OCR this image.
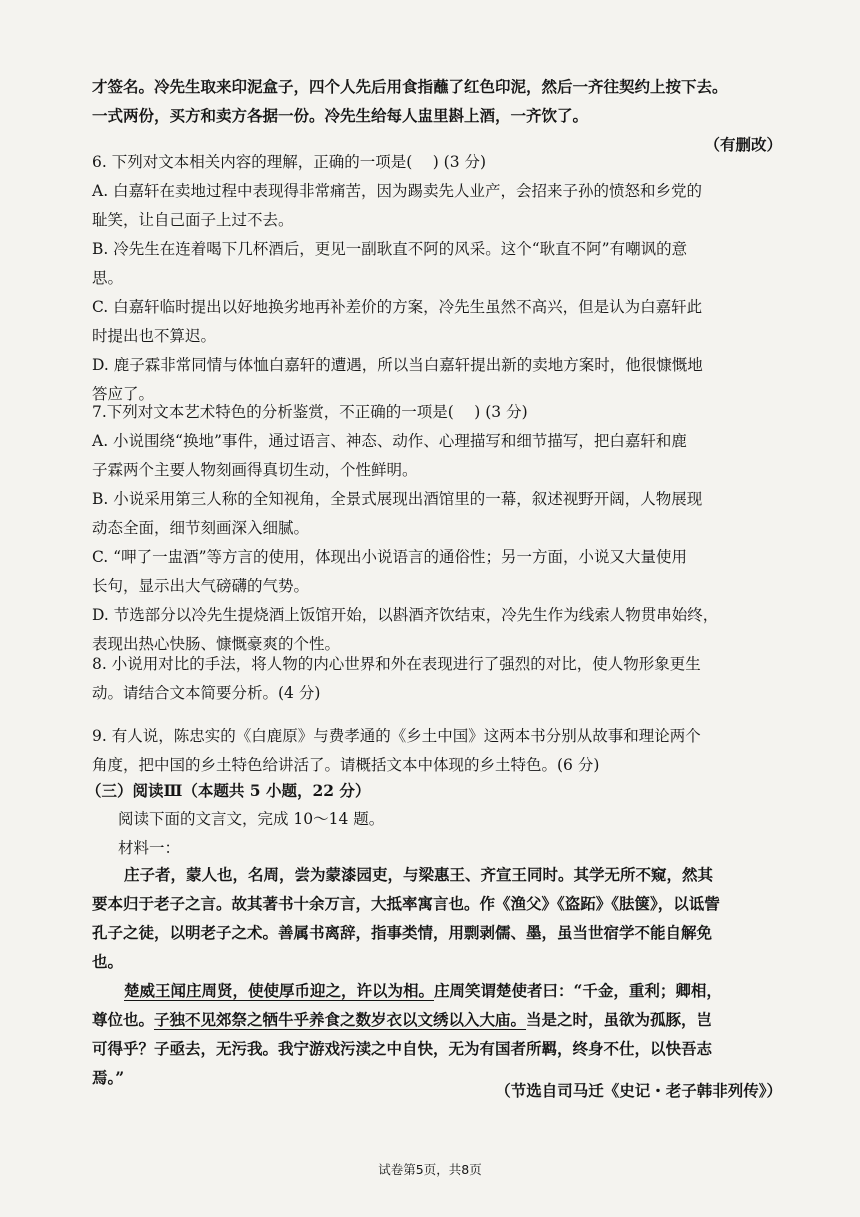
才签名。冷先生取来印泥盒子，四个人先后用食指蘸了红色印泥，然后一齐往契约上按下去。
一式两份，买方和卖方各据一份。冷先生给每人盅里斟上酒，一齐饮了。
（有删改）
6. 下列对文本相关内容的理解，正确的一项是(　 ) (3 分)
A. 白嘉轩在卖地过程中表现得非常痛苦，因为踢卖先人业产，会招来子孙的愤怒和乡党的
耻笑，让自己面子上过不去。
B. 冷先生在连着喝下几杯酒后，更见一副耿直不阿的风采。这个“耿直不阿”有嘲讽的意
思。
C. 白嘉轩临时提出以好地换劣地再补差价的方案，冷先生虽然不高兴，但是认为白嘉轩此
时提出也不算迟。
D. 鹿子霖非常同情与体恤白嘉轩的遭遇，所以当白嘉轩提出新的卖地方案时，他很慷慨地
答应了。
7.下列对文本艺术特色的分析鉴赏，不正确的一项是(　 ) (3 分)
A. 小说围绕“换地”事件，通过语言、神态、动作、心理描写和细节描写，把白嘉轩和鹿
子霖两个主要人物刻画得真切生动，个性鲜明。
B. 小说采用第三人称的全知视角，全景式展现出酒馆里的一幕，叙述视野开阔，人物展现
动态全面，细节刻画深入细腻。
C. “呷了一盅酒”等方言的使用，体现出小说语言的通俗性；另一方面，小说又大量使用
长句，显示出大气磅礴的气势。
D. 节选部分以冷先生提烧酒上饭馆开始，以斟酒齐饮结束，冷先生作为线索人物贯串始终，
表现出热心快肠、慷慨豪爽的个性。
8. 小说用对比的手法，将人物的内心世界和外在表现进行了强烈的对比，使人物形象更生
动。请结合文本简要分析。(4 分)
9. 有人说，陈忠实的《白鹿原》与费孝通的《乡土中国》这两本书分别从故事和理论两个
角度，把中国的乡土特色给讲活了。请概括文本中体现的乡土特色。(6 分)
（三）阅读Ⅲ（本题共 5 小题，22 分）
阅读下面的文言文，完成 10～14 题。
材料一：
庄子者，蒙人也，名周，尝为蒙漆园吏，与梁惠王、齐宣王同时。其学无所不窥，然其
要本归于老子之言。故其著书十余万言，大抵率寓言也。作《渔父》《盗跖》《胠箧》，以诋訾
孔子之徒，以明老子之术。善属书离辞，指事类情，用剽剥儒、墨，虽当世宿学不能自解免
也。
楚威王闻庄周贤，使使厚币迎之，许以为相。庄周笑谓楚使者曰：“千金，重利；卿相，
尊位也。子独不见郊祭之牺牛乎养食之数岁衣以文绣以入大庙。当是之时，虽欲为孤豚，岂
可得乎？子亟去，无污我。我宁游戏污渎之中自快，无为有国者所羁，终身不仕，以快吾志
焉。”
（节选自司马迁《史记・老子韩非列传》）
试卷第5页，共8页
